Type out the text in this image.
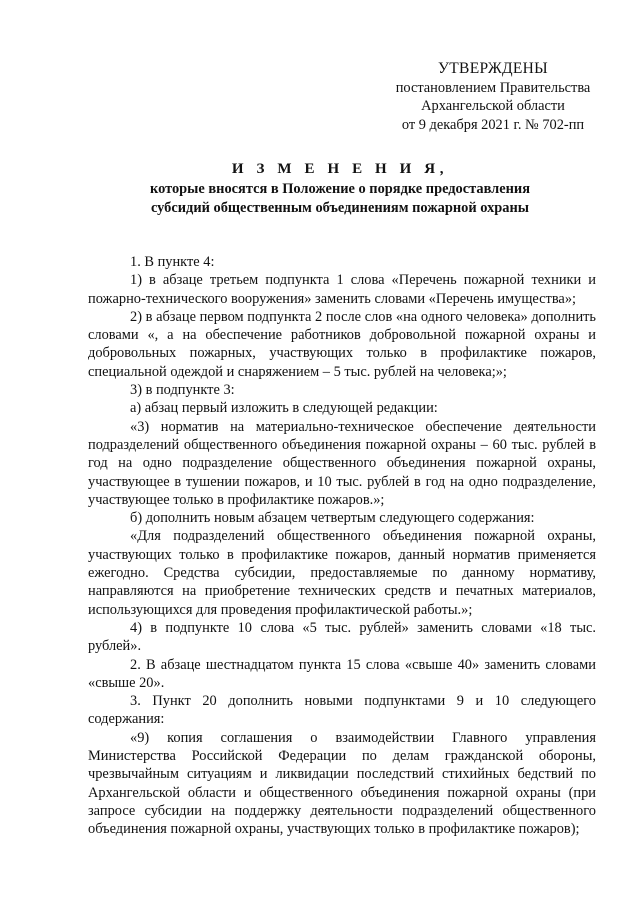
УТВЕРЖДЕНЫ
постановлением Правительства
Архангельской области
от 9 декабря 2021 г. № 702-пп
И З М Е Н Е Н И Я,
которые вносятся в Положение о порядке предоставления
субсидий общественным объединениям пожарной охраны

1. В пункте 4:

1) в абзаце третьем подпункта 1 слова «Перечень пожарной техники и пожарно-технического вооружения» заменить словами «Перечень имущества»;

2) в абзаце первом подпункта 2 после слов «на одного человека» дополнить словами «, а на обеспечение работников добровольной пожарной охраны и добровольных пожарных, участвующих только в профилактике пожаров, специальной одеждой и снаряжением – 5 тыс. рублей на человека;»;

3) в подпункте 3:

а) абзац первый изложить в следующей редакции:

«3) норматив на материально-техническое обеспечение деятельности подразделений общественного объединения пожарной охраны – 60 тыс. рублей в год на одно подразделение общественного объединения пожарной охраны, участвующее в тушении пожаров, и 10 тыс. рублей в год на одно подразделение, участвующее только в профилактике пожаров.»;

б) дополнить новым абзацем четвертым следующего содержания:

«Для подразделений общественного объединения пожарной охраны, участвующих только в профилактике пожаров, данный норматив применяется ежегодно. Средства субсидии, предоставляемые по данному нормативу, направляются на приобретение технических средств и печатных материалов, использующихся для проведения профилактической работы.»;

4) в подпункте 10 слова «5 тыс. рублей» заменить словами «18 тыс. рублей».

2. В абзаце шестнадцатом пункта 15 слова «свыше 40» заменить словами «свыше 20».

3. Пункт 20 дополнить новыми подпунктами 9 и 10 следующего содержания:

«9) копия соглашения о взаимодействии Главного управления Министерства Российской Федерации по делам гражданской обороны, чрезвычайным ситуациям и ликвидации последствий стихийных бедствий по Архангельской области и общественного объединения пожарной охраны (при запросе субсидии на поддержку деятельности подразделений общественного объединения пожарной охраны, участвующих только в профилактике пожаров);
